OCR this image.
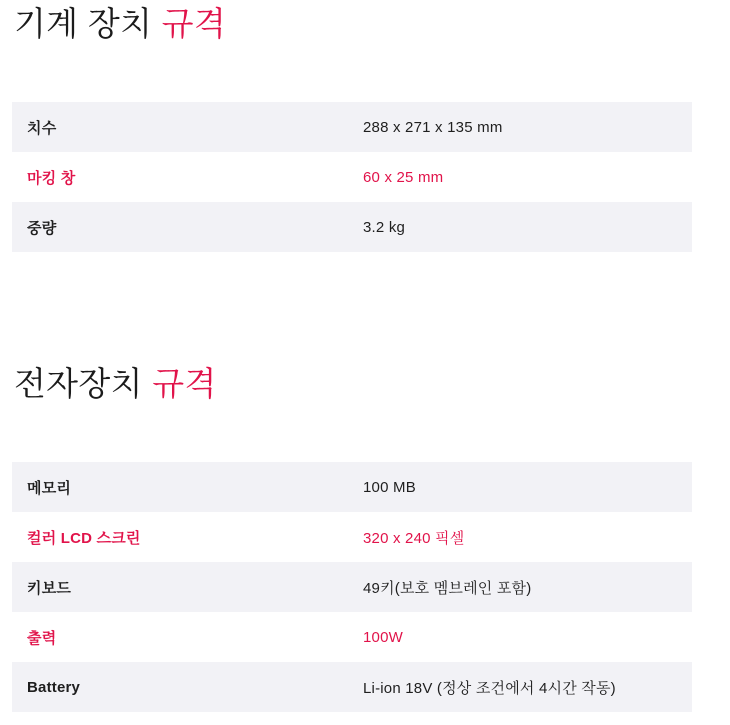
기계 장치 규격
치수	288 x 271 x 135 mm
마킹 창	60 x 25 mm
중량	3.2 kg
전자장치 규격
메모리	100 MB
컬러 LCD 스크린	320 x 240 픽셀
키보드	49키(보호 멤브레인 포함)
출력	100W
Battery	Li-ion 18V (정상 조건에서 4시간 작동)
